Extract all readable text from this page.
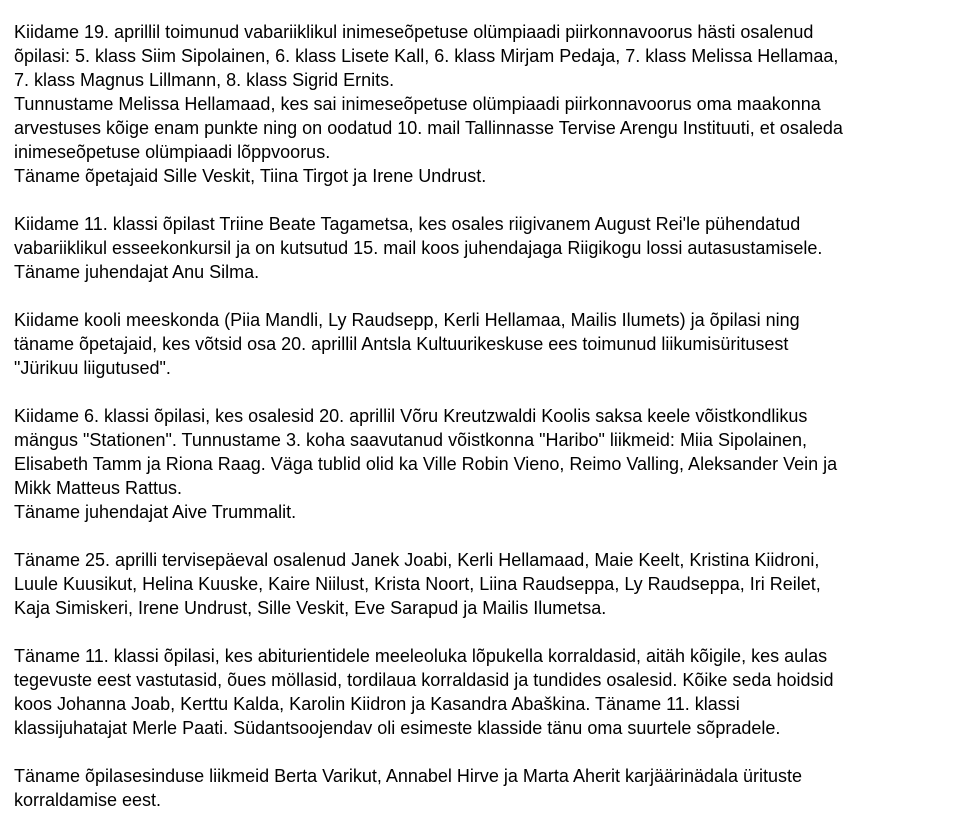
Kiidame 19. aprillil toimunud vabariiklikul inimeseõpetuse olümpiaadi piirkonnavoorus hästi osalenud
õpilasi: 5. klass Siim Sipolainen, 6. klass Lisete Kall, 6. klass Mirjam Pedaja, 7. klass Melissa Hellamaa,
7. klass Magnus Lillmann, 8. klass Sigrid Ernits.
Tunnustame Melissa Hellamaad, kes sai inimeseõpetuse olümpiaadi piirkonnavoorus oma maakonna
arvestuses kõige enam punkte ning on oodatud 10. mail Tallinnasse Tervise Arengu Instituuti, et osaleda
inimeseõpetuse olümpiaadi lõppvoorus.
Täname õpetajaid Sille Veskit, Tiina Tirgot ja Irene Undrust.

Kiidame 11. klassi õpilast Triine Beate Tagametsa, kes osales riigivanem August Rei'le pühendatud
vabariiklikul esseekonkursil ja on kutsutud 15. mail koos juhendajaga Riigikogu lossi autasustamisele.
Täname juhendajat Anu Silma.

Kiidame kooli meeskonda (Piia Mandli, Ly Raudsepp, Kerli Hellamaa, Mailis Ilumets) ja õpilasi ning
täname õpetajaid, kes võtsid osa 20. aprillil Antsla Kultuurikeskuse ees toimunud liikumisüritusest
"Jürikuu liigutused".

Kiidame 6. klassi õpilasi, kes osalesid 20. aprillil Võru Kreutzwaldi Koolis saksa keele võistkondlikus
mängus "Stationen". Tunnustame 3. koha saavutanud võistkonna "Haribo" liikmeid: Miia Sipolainen,
Elisabeth Tamm ja Riona Raag. Väga tublid olid ka Ville Robin Vieno, Reimo Valling, Aleksander Vein ja
Mikk Matteus Rattus.
Täname juhendajat Aive Trummalit.

Täname 25. aprilli tervisepäeval osalenud Janek Joabi, Kerli Hellamaad, Maie Keelt, Kristina Kiidroni,
Luule Kuusikut, Helina Kuuske, Kaire Niilust, Krista Noort, Liina Raudseppa, Ly Raudseppa, Iri Reilet,
Kaja Simiskeri, Irene Undrust, Sille Veskit, Eve Sarapud ja Mailis Ilumetsa.

Täname 11. klassi õpilasi, kes abiturientidele meeleoluka lõpukella korraldasid, aitäh kõigile, kes aulas
tegevuste eest vastutasid, õues möllasid, tordilaua korraldasid ja tundides osalesid. Kõike seda hoidsid
koos Johanna Joab, Kerttu Kalda, Karolin Kiidron ja Kasandra Abaškina. Täname 11. klassi
klassijuhatajat Merle Paati. Südantsoojendav oli esimeste klasside tänu oma suurtele sõpradele.

Täname õpilasesinduse liikmeid Berta Varikut, Annabel Hirve ja Marta Aherit karjäärinädala ürituste
korraldamise eest.
